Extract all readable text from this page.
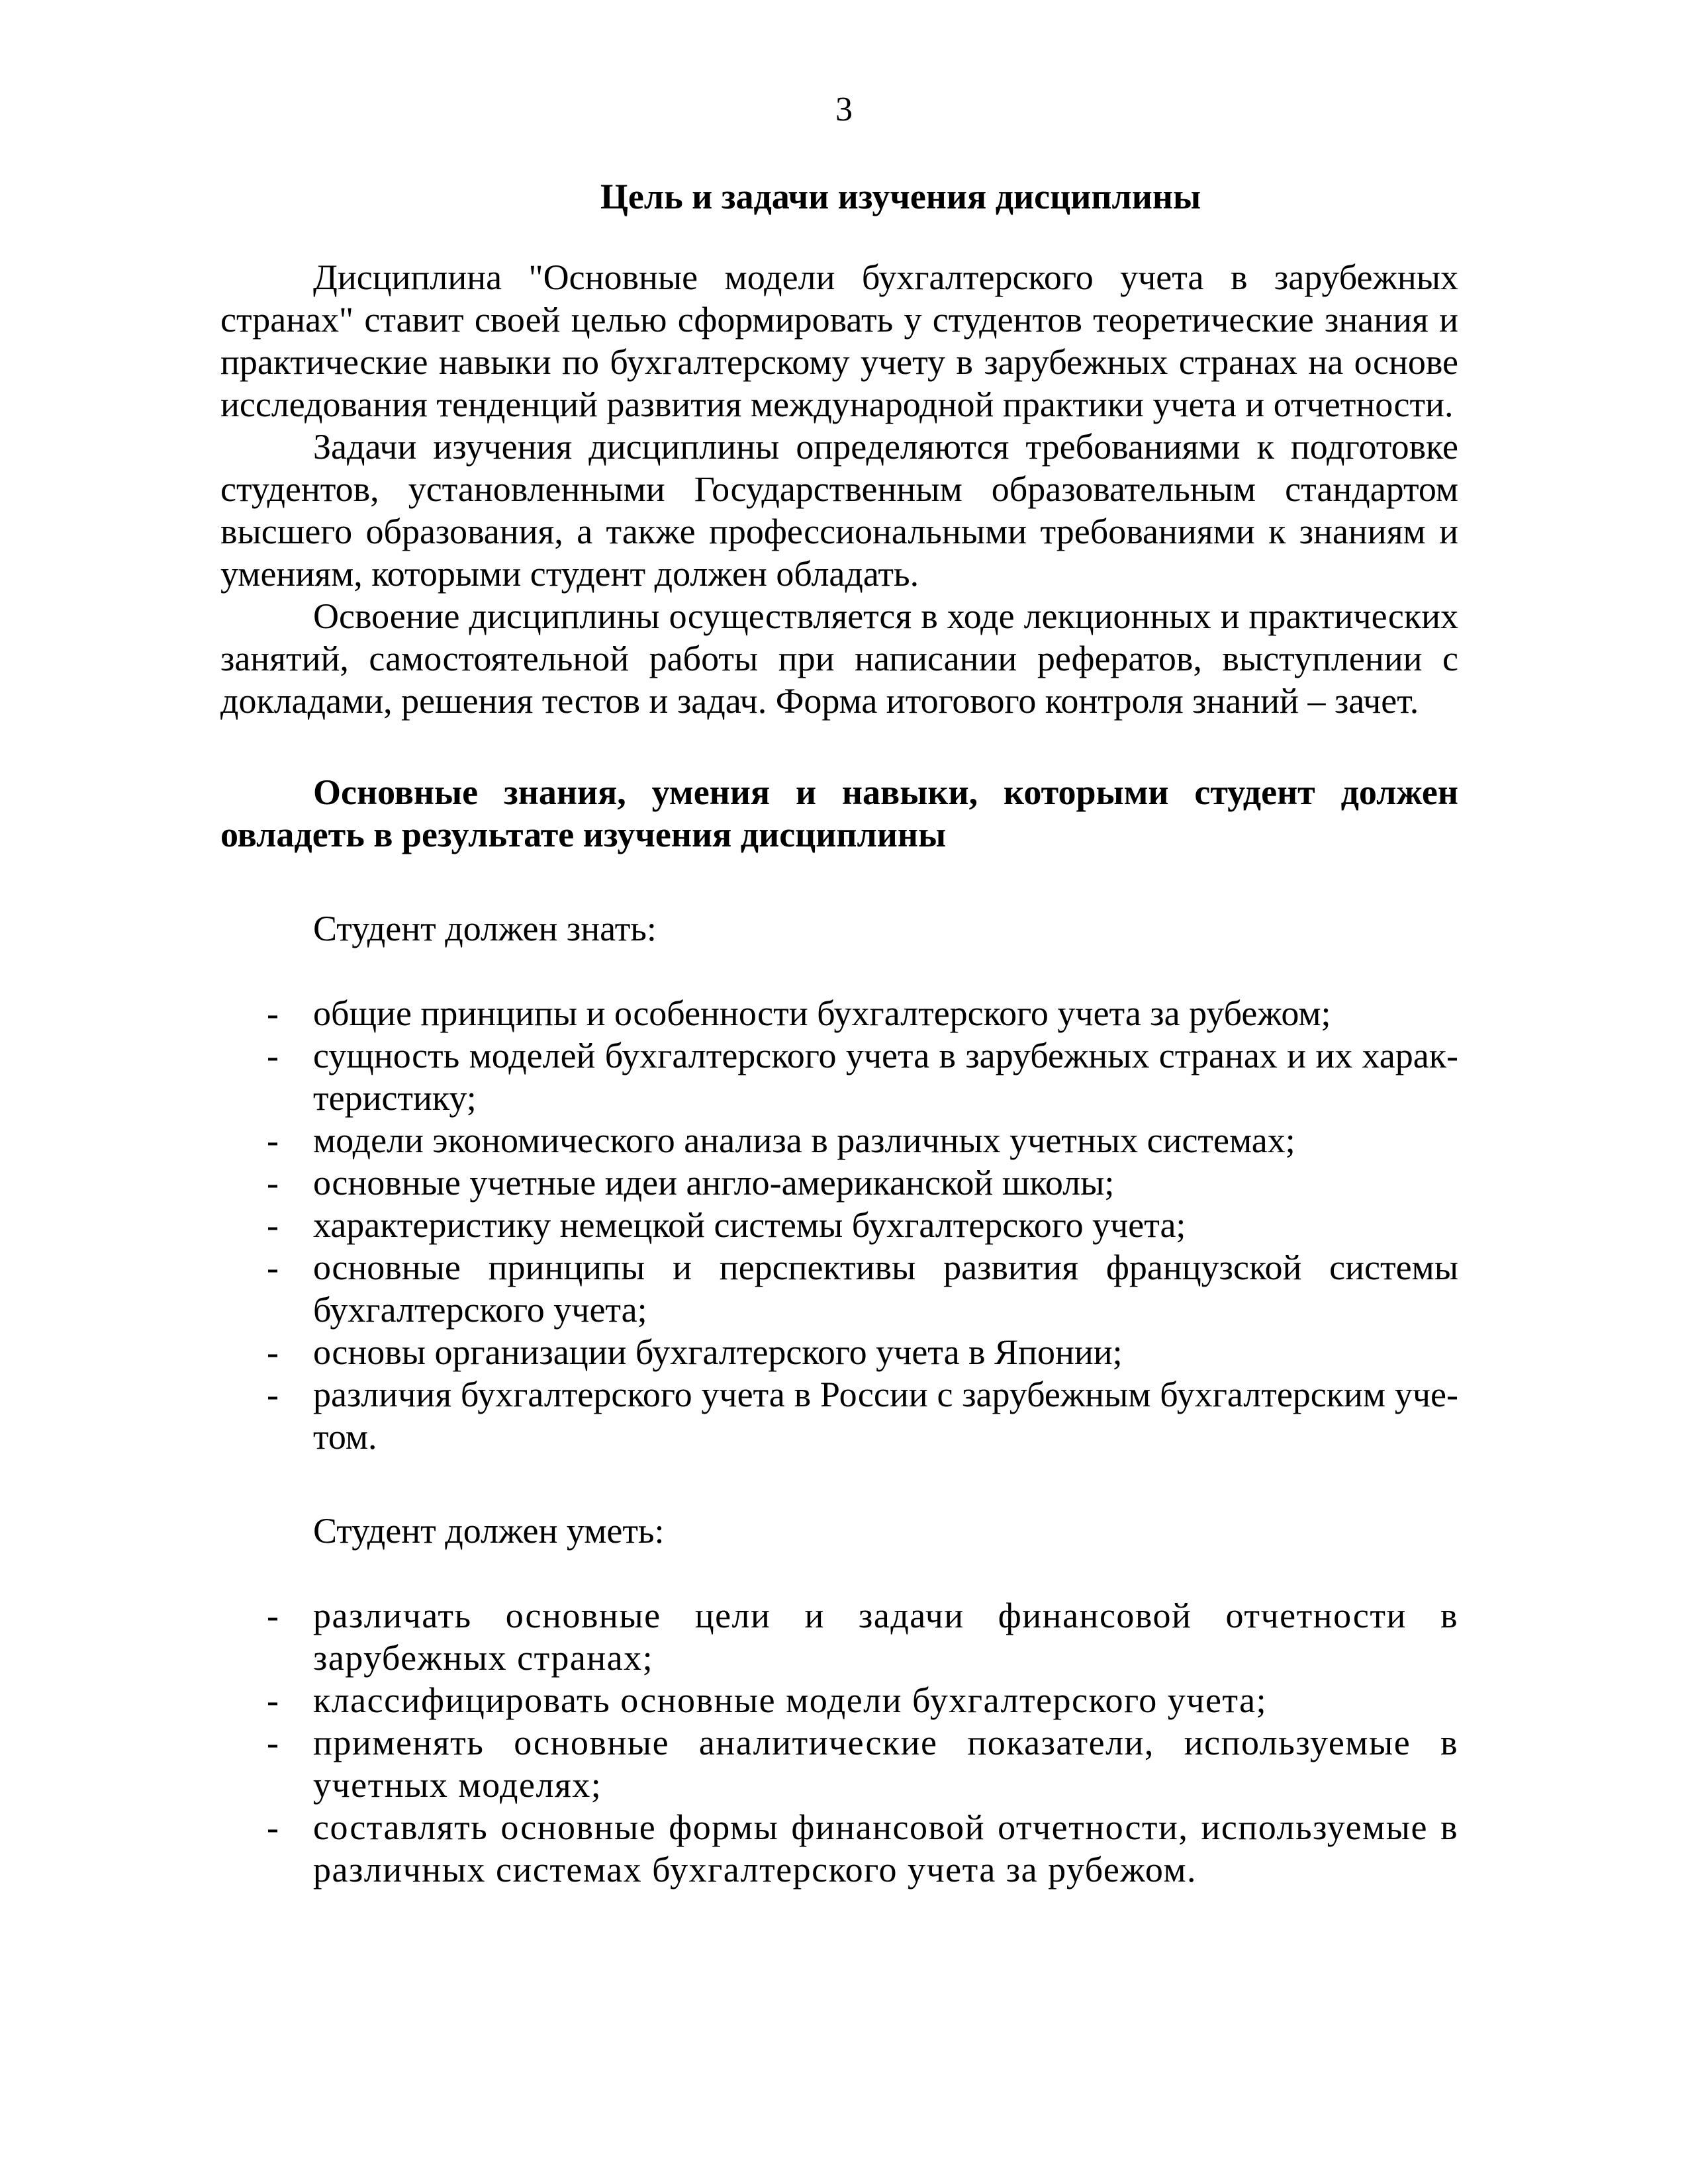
3
Цель и задачи изучения дисциплины

Дисциплина "Основные модели бухгалтерского учета в зарубежных странах" ставит своей целью сформировать у студентов теоретические знания и практические навыки по бухгалтерскому учету в зарубежных странах на основе исследования тенденций развития международной практики учета и отчетности.

Задачи изучения дисциплины определяются требованиями к подготовке студентов, установленными Государственным образовательным стандартом высшего образования, а также профессиональными требованиями к знаниям и умениям, которыми студент должен обладать.

Освоение дисциплины осуществляется в ходе лекционных и практических занятий, самостоятельной работы при написании рефератов, выступлении с докладами, решения тестов и задач. Форма итогового контроля знаний – зачет.

Основные знания, умения и навыки, которыми студент должен овладеть в результате изучения дисциплины

Студент должен знать:

- общие принципы и особенности бухгалтерского учета за рубежом;
- сущность моделей бухгалтерского учета в зарубежных странах и их характеристику;
- модели экономического анализа в различных учетных системах;
- основные учетные идеи англо-американской школы;
- характеристику немецкой системы бухгалтерского учета;
- основные принципы и перспективы развития французской системы бухгалтерского учета;
- основы организации бухгалтерского учета в Японии;
- различия бухгалтерского учета в России с зарубежным бухгалтерским учетом.

Студент должен уметь:

- различать основные цели и задачи финансовой отчетности в зарубежных странах;
- классифицировать основные модели бухгалтерского учета;
- применять основные аналитические показатели, используемые в учетных моделях;
- составлять основные формы финансовой отчетности, используемые в различных системах бухгалтерского учета за рубежом.
